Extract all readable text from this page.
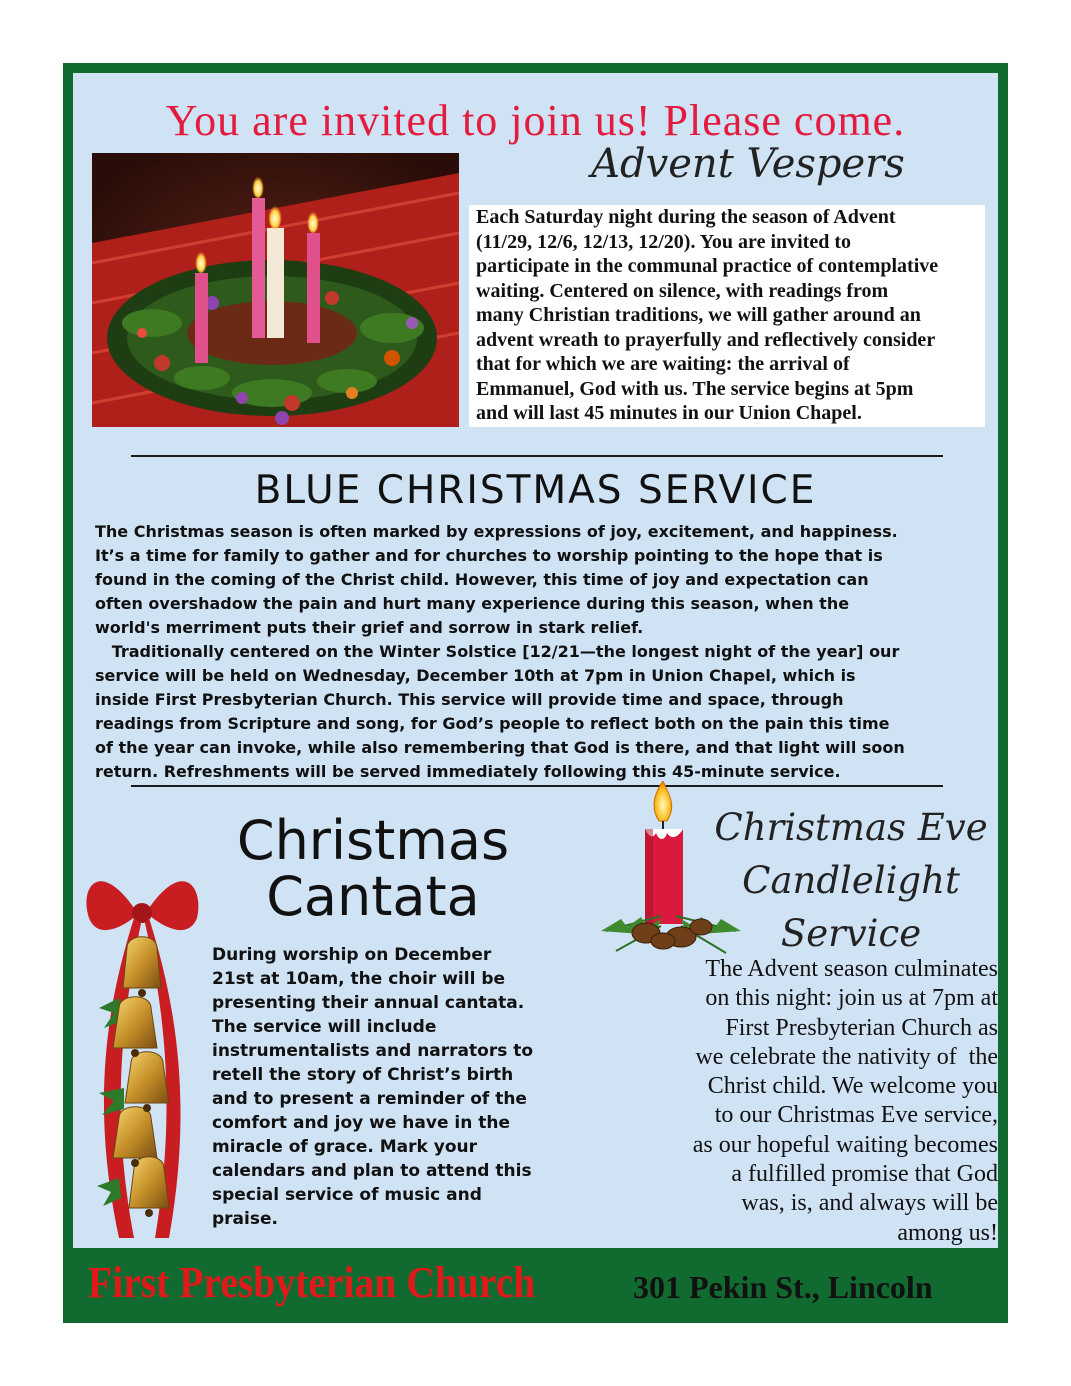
You are invited to join us! Please come.
Advent Vespers
Each Saturday night during the season of Advent
(11/29, 12/6, 12/13, 12/20). You are invited to
participate in the communal practice of contemplative
waiting. Centered on silence, with readings from
many Christian traditions, we will gather around an
advent wreath to prayerfully and reflectively consider
that for which we are waiting: the arrival of
Emmanuel, God with us. The service begins at 5pm
and will last 45 minutes in our Union Chapel.
BLUE CHRISTMAS SERVICE

The Christmas season is often marked by expressions of joy, excitement, and happiness.

It’s a time for family to gather and for churches to worship pointing to the hope that is

found in the coming of the Christ child. However, this time of joy and expectation can

often overshadow the pain and hurt many experience during this season, when the

world's merriment puts their grief and sorrow in stark relief.

Traditionally centered on the Winter Solstice [12/21—the longest night of the year] our

service will be held on Wednesday, December 10th at 7pm in Union Chapel, which is

inside First Presbyterian Church. This service will provide time and space, through

readings from Scripture and song, for God’s people to reflect both on the pain this time

of the year can invoke, while also remembering that God is there, and that light will soon

return. Refreshments will be served immediately following this 45-minute service.

Christmas
Cantata
During worship on December
21st at 10am, the choir will be
presenting their annual cantata.
The service will include
instrumentalists and narrators to
retell the story of Christ’s birth
and to present a reminder of the
comfort and joy we have in the
miracle of grace. Mark your
calendars and plan to attend this
special service of music and
praise.
Christmas Eve
Candlelight
Service
The Advent season culminates
on this night: join us at 7pm at
First Presbyterian Church as
we celebrate the nativity of  the
Christ child. We welcome you
to our Christmas Eve service,
as our hopeful waiting becomes
a fulfilled promise that God
was, is, and always will be
among us!
First Presbyterian Church	301 Pekin St., Lincoln
